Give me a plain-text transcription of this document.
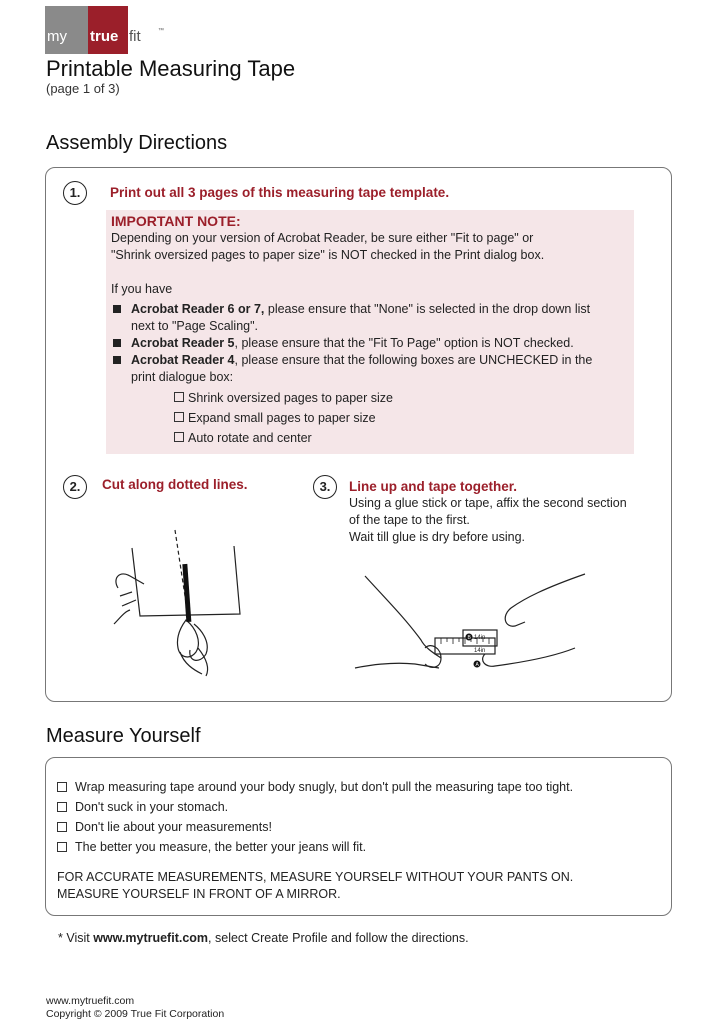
my true fit	™
Printable Measuring Tape
(page 1 of 3)
Assembly Directions
1.	Print out all 3 pages of this measuring tape template.
IMPORTANT NOTE:
Depending on your version of Acrobat Reader, be sure either "Fit to page" or
"Shrink oversized pages to paper size" is NOT checked in the Print dialog box.
If you have
Acrobat Reader 6 or 7, please ensure that "None" is selected in the drop down list
next to "Page Scaling".
Acrobat Reader 5, please ensure that the "Fit To Page" option is NOT checked.
Acrobat Reader 4, please ensure that the following boxes are UNCHECKED in the
print dialogue box:
Shrink oversized pages to paper size
Expand small pages to paper size
Auto rotate and center
2.	Cut along dotted lines.	3.	Line up and tape together.
Using a glue stick or tape, affix the second section
of the tape to the first.
Wait till glue is dry before using.
B 14in
14in
A
Measure Yourself
Wrap measuring tape around your body snugly, but don't pull the measuring tape too tight.
Don't suck in your stomach.
Don't lie about your measurements!
The better you measure, the better your jeans will fit.
FOR ACCURATE MEASUREMENTS, MEASURE YOURSELF WITHOUT YOUR PANTS ON.
MEASURE YOURSELF IN FRONT OF A MIRROR.
* Visit www.mytruefit.com, select Create Profile and follow the directions.
www.mytruefit.com
Copyright © 2009 True Fit Corporation
